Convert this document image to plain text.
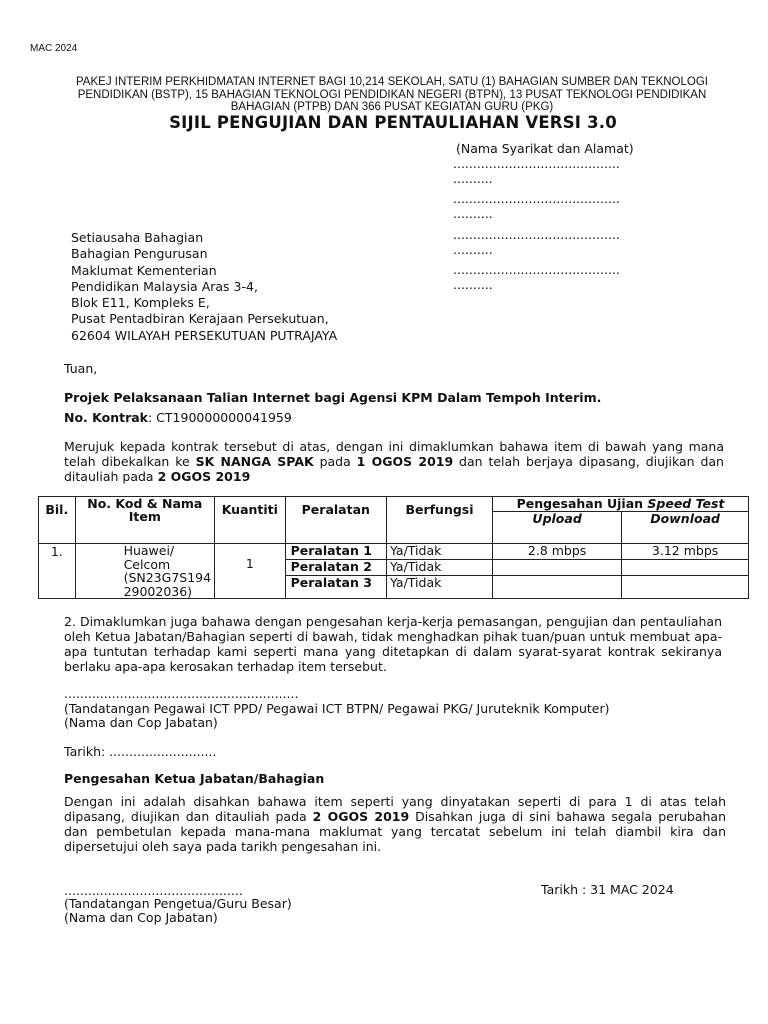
MAC 2024
PAKEJ INTERIM PERKHIDMATAN INTERNET BAGI 10,214 SEKOLAH, SATU (1) BAHAGIAN SUMBER DAN TEKNOLOGI PENDIDIKAN (BSTP), 15 BAHAGIAN TEKNOLOGI PENDIDIKAN NEGERI (BTPN), 13 PUSAT TEKNOLOGI PENDIDIKAN BAHAGIAN (PTPB) DAN 366 PUSAT KEGIATAN GURU (PKG)
SIJIL PENGUJIAN DAN PENTAULIAHAN VERSI 3.0
(Nama Syarikat dan Alamat)
..........................................
..........
..........................................
..........
..........................................
..........
..........................................
..........
Setiausaha Bahagian
Bahagian Pengurusan
Maklumat Kementerian
Pendidikan Malaysia Aras 3-4,
Blok E11, Kompleks E,
Pusat Pentadbiran Kerajaan Persekutuan,
62604 WILAYAH PERSEKUTUAN PUTRAJAYA
Tuan,
Projek Pelaksanaan Talian Internet bagi Agensi KPM Dalam Tempoh Interim.
No. Kontrak: CT190000000041959
Merujuk kepada kontrak tersebut di atas, dengan ini dimaklumkan bahawa item di bawah yang mana telah dibekalkan ke SK NANGA SPAK pada 1 OGOS 2019 dan telah berjaya dipasang, diujikan dan ditauliah pada 2 OGOS 2019
Bil.	No. Kod & Nama Item	Kuantiti	Peralatan	Berfungsi	Pengesahan Ujian Speed Test	
					Upload	Download
1.	Huawei/ Celcom (SN23G7S194 29002036)	1	Peralatan 1	Ya/Tidak	2.8 mbps	3.12 mbps
			Peralatan 2	Ya/Tidak		
			Peralatan 3	Ya/Tidak		
2. Dimaklumkan juga bahawa dengan pengesahan kerja-kerja pemasangan, pengujian dan pentauliahan oleh Ketua Jabatan/Bahagian seperti di bawah, tidak menghadkan pihak tuan/puan untuk membuat apa-apa tuntutan terhadap kami seperti mana yang ditetapkan di dalam syarat-syarat kontrak sekiranya berlaku apa-apa kerosakan terhadap item tersebut.
...........................................................
(Tandatangan Pegawai ICT PPD/ Pegawai ICT BTPN/ Pegawai PKG/ Juruteknik Komputer)
(Nama dan Cop Jabatan)
Tarikh: ...........................
Pengesahan Ketua Jabatan/Bahagian
Dengan ini adalah disahkan bahawa item seperti yang dinyatakan seperti di para 1 di atas telah dipasang, diujikan dan ditauliah pada 2 OGOS 2019 Disahkan juga di sini bahawa segala perubahan dan pembetulan kepada mana-mana maklumat yang tercatat sebelum ini telah diambil kira dan dipersetujui oleh saya pada tarikh pengesahan ini.
.............................................	Tarikh : 31 MAC 2024
(Tandatangan Pengetua/Guru Besar)
(Nama dan Cop Jabatan)
